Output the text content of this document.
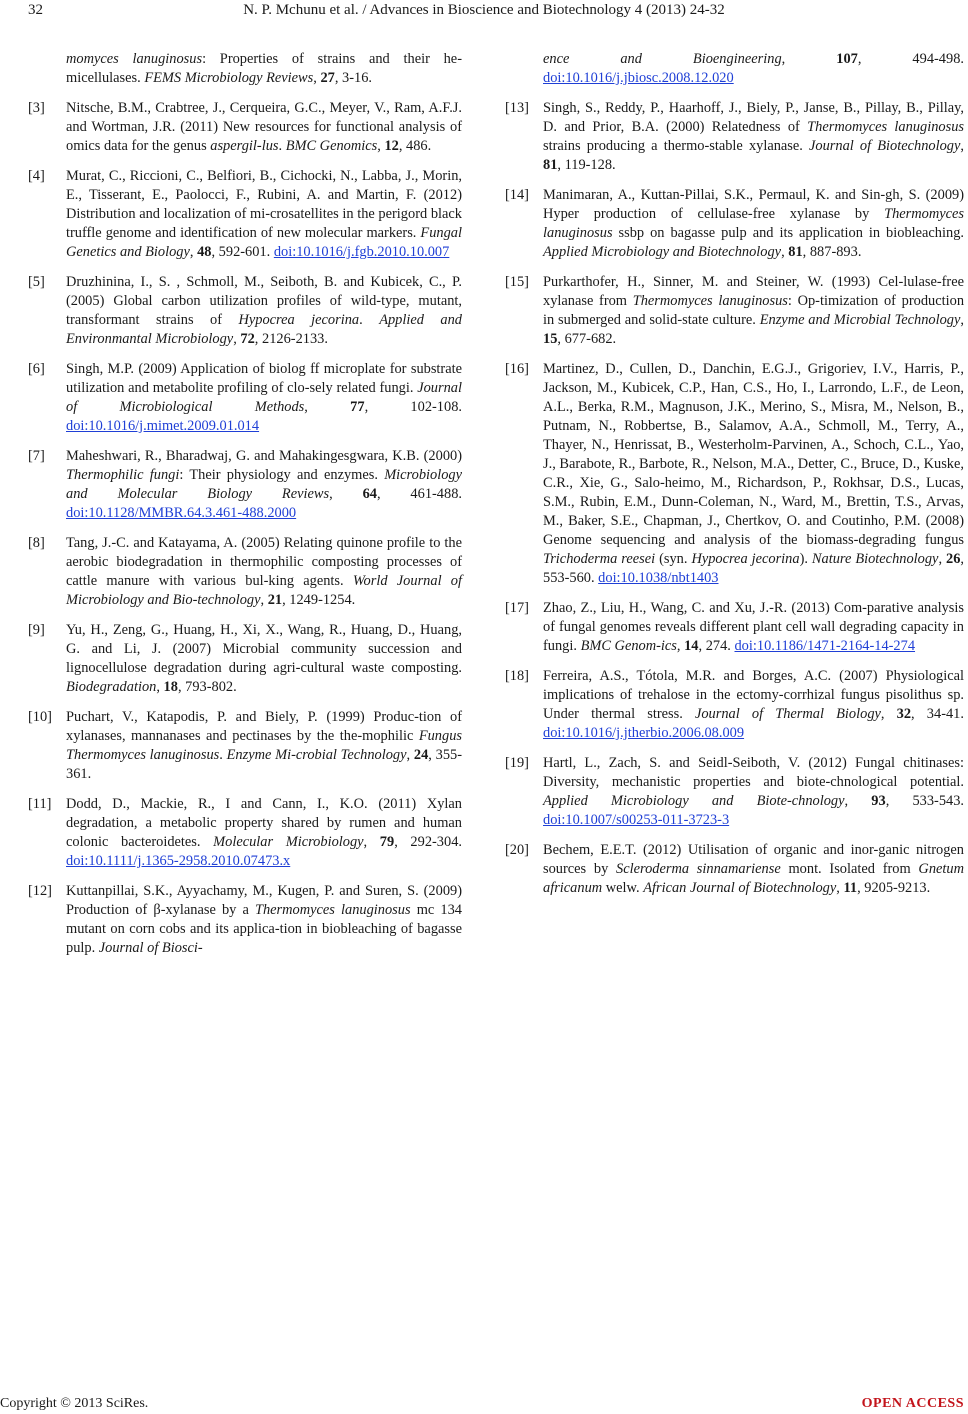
32	N. P. Mchunu et al. / Advances in Bioscience and Biotechnology 4 (2013) 24-32
momyces lanuginosus: Properties of strains and their he-micellulases. FEMS Microbiology Reviews, 27, 3-16.
[3] Nitsche, B.M., Crabtree, J., Cerqueira, G.C., Meyer, V., Ram, A.F.J. and Wortman, J.R. (2011) New resources for functional analysis of omics data for the genus aspergil-lus. BMC Genomics, 12, 486.
[4] Murat, C., Riccioni, C., Belfiori, B., Cichocki, N., Labba, J., Morin, E., Tisserant, E., Paolocci, F., Rubini, A. and Martin, F. (2012) Distribution and localization of mi-crosatellites in the perigord black truffle genome and identification of new molecular markers. Fungal Genetics and Biology, 48, 592-601. doi:10.1016/j.fgb.2010.10.007
[5] Druzhinina, I., S. , Schmoll, M., Seiboth, B. and Kubicek, C., P. (2005) Global carbon utilization profiles of wild-type, mutant, transformant strains of Hypocrea jecorina. Applied and Environmantal Microbiology, 72, 2126-2133.
[6] Singh, M.P. (2009) Application of biolog ff microplate for substrate utilization and metabolite profiling of clo-sely related fungi. Journal of Microbiological Methods, 77, 102-108. doi:10.1016/j.mimet.2009.01.014
[7] Maheshwari, R., Bharadwaj, G. and Mahakingesgwara, K.B. (2000) Thermophilic fungi: Their physiology and enzymes. Microbiology and Molecular Biology Reviews, 64, 461-488. doi:10.1128/MMBR.64.3.461-488.2000
[8] Tang, J.-C. and Katayama, A. (2005) Relating quinone profile to the aerobic biodegradation in thermophilic composting processes of cattle manure with various bul-king agents. World Journal of Microbiology and Bio-technology, 21, 1249-1254.
[9] Yu, H., Zeng, G., Huang, H., Xi, X., Wang, R., Huang, D., Huang, G. and Li, J. (2007) Microbial community succession and lignocellulose degradation during agri-cultural waste composting. Biodegradation, 18, 793-802.
[10] Puchart, V., Katapodis, P. and Biely, P. (1999) Produc-tion of xylanases, mannanases and pectinases by the the-mophilic Fungus Thermomyces lanuginosus. Enzyme Mi-crobial Technology, 24, 355-361.
[11] Dodd, D., Mackie, R., I and Cann, I., K.O. (2011) Xylan degradation, a metabolic property shared by rumen and human colonic bacteroidetes. Molecular Microbiology, 79, 292-304. doi:10.1111/j.1365-2958.2010.07473.x
[12] Kuttanpillai, S.K., Ayyachamy, M., Kugen, P. and Suren, S. (2009) Production of β-xylanase by a Thermomyces lanuginosus mc 134 mutant on corn cobs and its applica-tion in biobleaching of bagasse pulp. Journal of Biosci-
ence and Bioengineering, 107, 494-498. doi:10.1016/j.jbiosc.2008.12.020
[13] Singh, S., Reddy, P., Haarhoff, J., Biely, P., Janse, B., Pillay, B., Pillay, D. and Prior, B.A. (2000) Relatedness of Thermomyces lanuginosus strains producing a thermo-stable xylanase. Journal of Biotechnology, 81, 119-128.
[14] Manimaran, A., Kuttan-Pillai, S.K., Permaul, K. and Sin-gh, S. (2009) Hyper production of cellulase-free xylanase by Thermomyces lanuginosus ssbp on bagasse pulp and its application in biobleaching. Applied Microbiology and Biotechnology, 81, 887-893.
[15] Purkarthofer, H., Sinner, M. and Steiner, W. (1993) Cel-lulase-free xylanase from Thermomyces lanuginosus: Op-timization of production in submerged and solid-state culture. Enzyme and Microbial Technology, 15, 677-682.
[16] Martinez, D., Cullen, D., Danchin, E.G.J., Grigoriev, I.V., Harris, P., Jackson, M., Kubicek, C.P., Han, C.S., Ho, I., Larrondo, L.F., de Leon, A.L., Berka, R.M., Magnuson, J.K., Merino, S., Misra, M., Nelson, B., Putnam, N., Robbertse, B., Salamov, A.A., Schmoll, M., Terry, A., Thayer, N., Henrissat, B., Westerholm-Parvinen, A., Schoch, C.L., Yao, J., Barabote, R., Barbote, R., Nelson, M.A., Detter, C., Bruce, D., Kuske, C.R., Xie, G., Salo-heimo, M., Richardson, P., Rokhsar, D.S., Lucas, S.M., Rubin, E.M., Dunn-Coleman, N., Ward, M., Brettin, T.S., Arvas, M., Baker, S.E., Chapman, J., Chertkov, O. and Coutinho, P.M. (2008) Genome sequencing and analysis of the biomass-degrading fungus Trichoderma reesei (syn. Hypocrea jecorina). Nature Biotechnology, 26, 553-560. doi:10.1038/nbt1403
[17] Zhao, Z., Liu, H., Wang, C. and Xu, J.-R. (2013) Com-parative analysis of fungal genomes reveals different plant cell wall degrading capacity in fungi. BMC Genom-ics, 14, 274. doi:10.1186/1471-2164-14-274
[18] Ferreira, A.S., Tótola, M.R. and Borges, A.C. (2007) Physiological implications of trehalose in the ectomy-corrhizal fungus pisolithus sp. Under thermal stress. Journal of Thermal Biology, 32, 34-41. doi:10.1016/j.jtherbio.2006.08.009
[19] Hartl, L., Zach, S. and Seidl-Seiboth, V. (2012) Fungal chitinases: Diversity, mechanistic properties and biote-chnological potential. Applied Microbiology and Biote-chnology, 93, 533-543. doi:10.1007/s00253-011-3723-3
[20] Bechem, E.E.T. (2012) Utilisation of organic and inor-ganic nitrogen sources by Scleroderma sinnamariense mont. Isolated from Gnetum africanum welw. African Journal of Biotechnology, 11, 9205-9213.
Copyright © 2013 SciRes.	OPEN ACCESS
